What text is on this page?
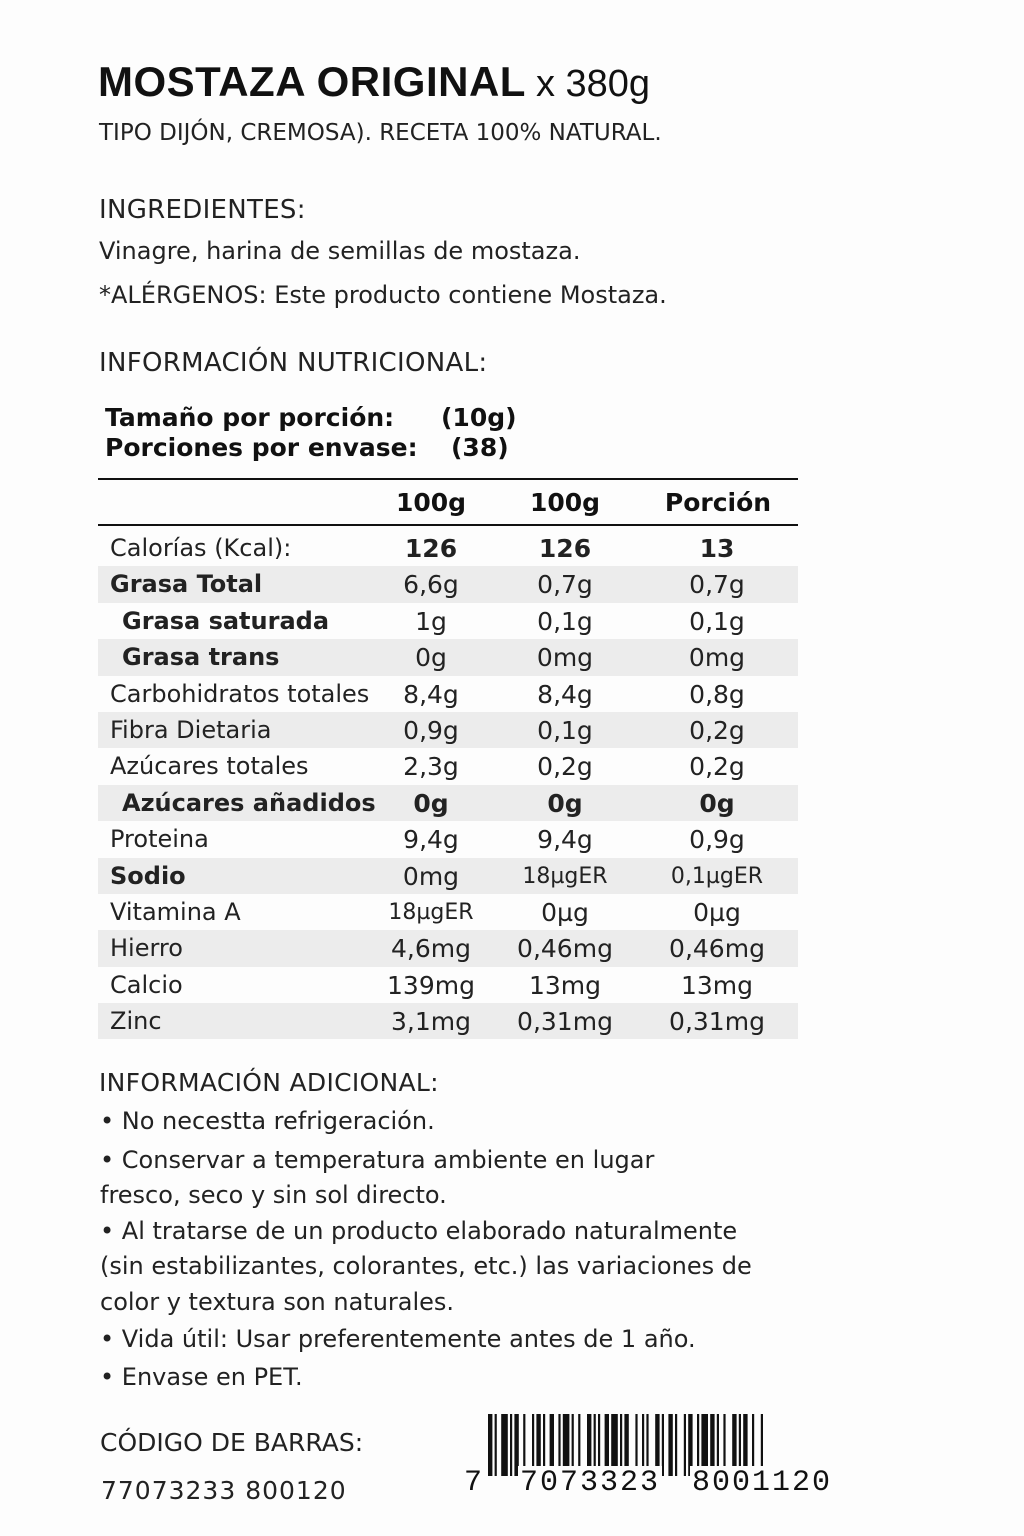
MOSTAZA ORIGINAL x 380g
TIPO DIJÓN, CREMOSA). RECETA 100% NATURAL.
INGREDIENTES:
Vinagre, harina de semillas de mostaza.
*ALÉRGENOS: Este producto contiene Mostaza.
INFORMACIÓN NUTRICIONAL:
Tamaño por porción: (10g)
Porciones por envase: (38)
100g	100g	Porción
Calorías (Kcal):	126	126	13
Grasa Total	6,6g	0,7g	0,7g
Grasa saturada	1g	0,1g	0,1g
Grasa trans	0g	0mg	0mg
Carbohidratos totales	8,4g	8,4g	0,8g
Fibra Dietaria	0,9g	0,1g	0,2g
Azúcares totales	2,3g	0,2g	0,2g
Azúcares añadidos	0g	0g	0g
Proteina	9,4g	9,4g	0,9g
Sodio	0mg	18µgER	0,1µgER
Vitamina A	18µgER	0µg	0µg
Hierro	4,6mg	0,46mg	0,46mg
Calcio	139mg	13mg	13mg
Zinc	3,1mg	0,31mg	0,31mg
INFORMACIÓN ADICIONAL:
• No necestta refrigeración.
• Conservar a temperatura ambiente en lugar
fresco, seco y sin sol directo.
• Al tratarse de un producto elaborado naturalmente
(sin estabilizantes, colorantes, etc.) las variaciones de
color y textura son naturales.
• Vida útil: Usar preferentemente antes de 1 año.
• Envase en PET.
CÓDIGO DE BARRAS:
77073233 800120	7 7073323 8001120
